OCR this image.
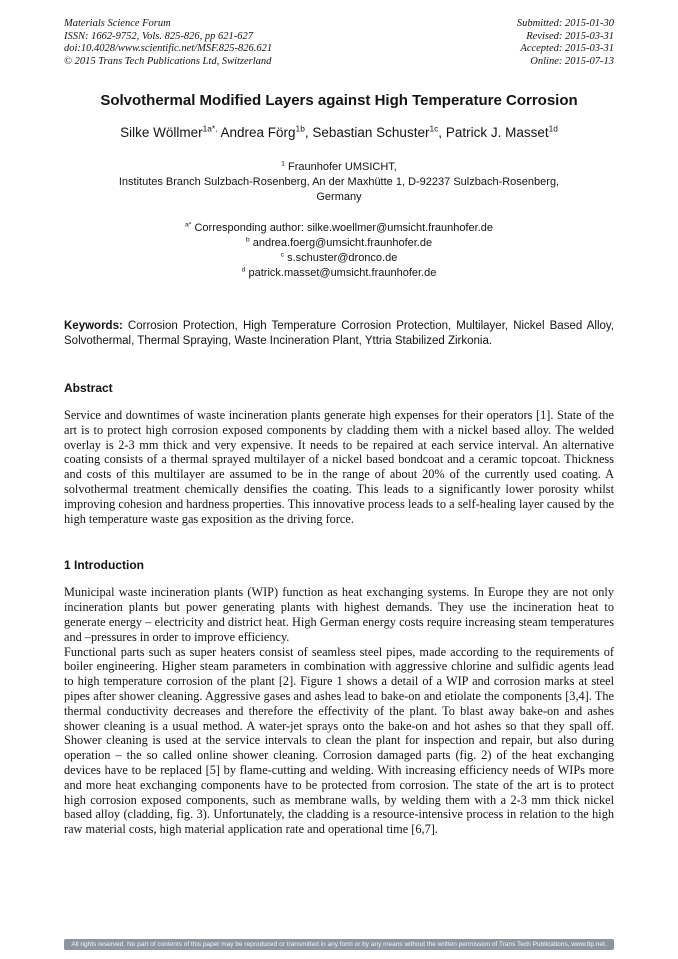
Materials Science Forum
ISSN: 1662-9752, Vols. 825-826, pp 621-627
doi:10.4028/www.scientific.net/MSF.825-826.621
© 2015 Trans Tech Publications Ltd, Switzerland
Submitted: 2015-01-30
Revised: 2015-03-31
Accepted: 2015-03-31
Online: 2015-07-13
Solvothermal Modified Layers against High Temperature Corrosion
Silke Wöllmer$^{1a*,}$ Andrea Förg$^{1b}$, Sebastian Schuster$^{1c}$, Patrick J. Masset$^{1d}$
$^1$ Fraunhofer UMSICHT,
Institutes Branch Sulzbach-Rosenberg, An der Maxhütte 1, D-92237 Sulzbach-Rosenberg,
Germany
$^{a*}$ Corresponding author: silke.woellmer@umsicht.fraunhofer.de
$^b$ andrea.foerg@umsicht.fraunhofer.de
$^c$ s.schuster@dronco.de
$^d$ patrick.masset@umsicht.fraunhofer.de

Keywords: Corrosion Protection, High Temperature Corrosion Protection, Multilayer, Nickel Based Alloy, Solvothermal, Thermal Spraying, Waste Incineration Plant, Yttria Stabilized Zirkonia.

Abstract

Service and downtimes of waste incineration plants generate high expenses for their operators [1]. State of the art is to protect high corrosion exposed components by cladding them with a nickel based alloy. The welded overlay is 2-3 mm thick and very expensive. It needs to be repaired at each service interval. An alternative coating consists of a thermal sprayed multilayer of a nickel based bondcoat and a ceramic topcoat. Thickness and costs of this multilayer are assumed to be in the range of about 20% of the currently used coating. A solvothermal treatment chemically densifies the coating. This leads to a significantly lower porosity whilst improving cohesion and hardness properties. This innovative process leads to a self-healing layer caused by the high temperature waste gas exposition as the driving force.

1 Introduction

Municipal waste incineration plants (WIP) function as heat exchanging systems. In Europe they are not only incineration plants but power generating plants with highest demands. They use the incineration heat to generate energy – electricity and district heat. High German energy costs require increasing steam temperatures and –pressures in order to improve efficiency.

Functional parts such as super heaters consist of seamless steel pipes, made according to the requirements of boiler engineering. Higher steam parameters in combination with aggressive chlorine and sulfidic agents lead to high temperature corrosion of the plant [2]. Figure 1 shows a detail of a WIP and corrosion marks at steel pipes after shower cleaning. Aggressive gases and ashes lead to bake-on and etiolate the components [3,4]. The thermal conductivity decreases and therefore the effectivity of the plant. To blast away bake-on and ashes shower cleaning is a usual method. A water-jet sprays onto the bake-on and hot ashes so that they spall off. Shower cleaning is used at the service intervals to clean the plant for inspection and repair, but also during operation – the so called online shower cleaning. Corrosion damaged parts (fig. 2) of the heat exchanging devices have to be replaced [5] by flame-cutting and welding. With increasing efficiency needs of WIPs more and more heat exchanging components have to be protected from corrosion. The state of the art is to protect high corrosion exposed components, such as membrane walls, by welding them with a 2-3 mm thick nickel based alloy (cladding, fig. 3). Unfortunately, the cladding is a resource-intensive process in relation to the high raw material costs, high material application rate and operational time [6,7].

All rights reserved. No part of contents of this paper may be reproduced or transmitted in any form or by any means without the written permission of Trans Tech Publications, www.ttp.net.
